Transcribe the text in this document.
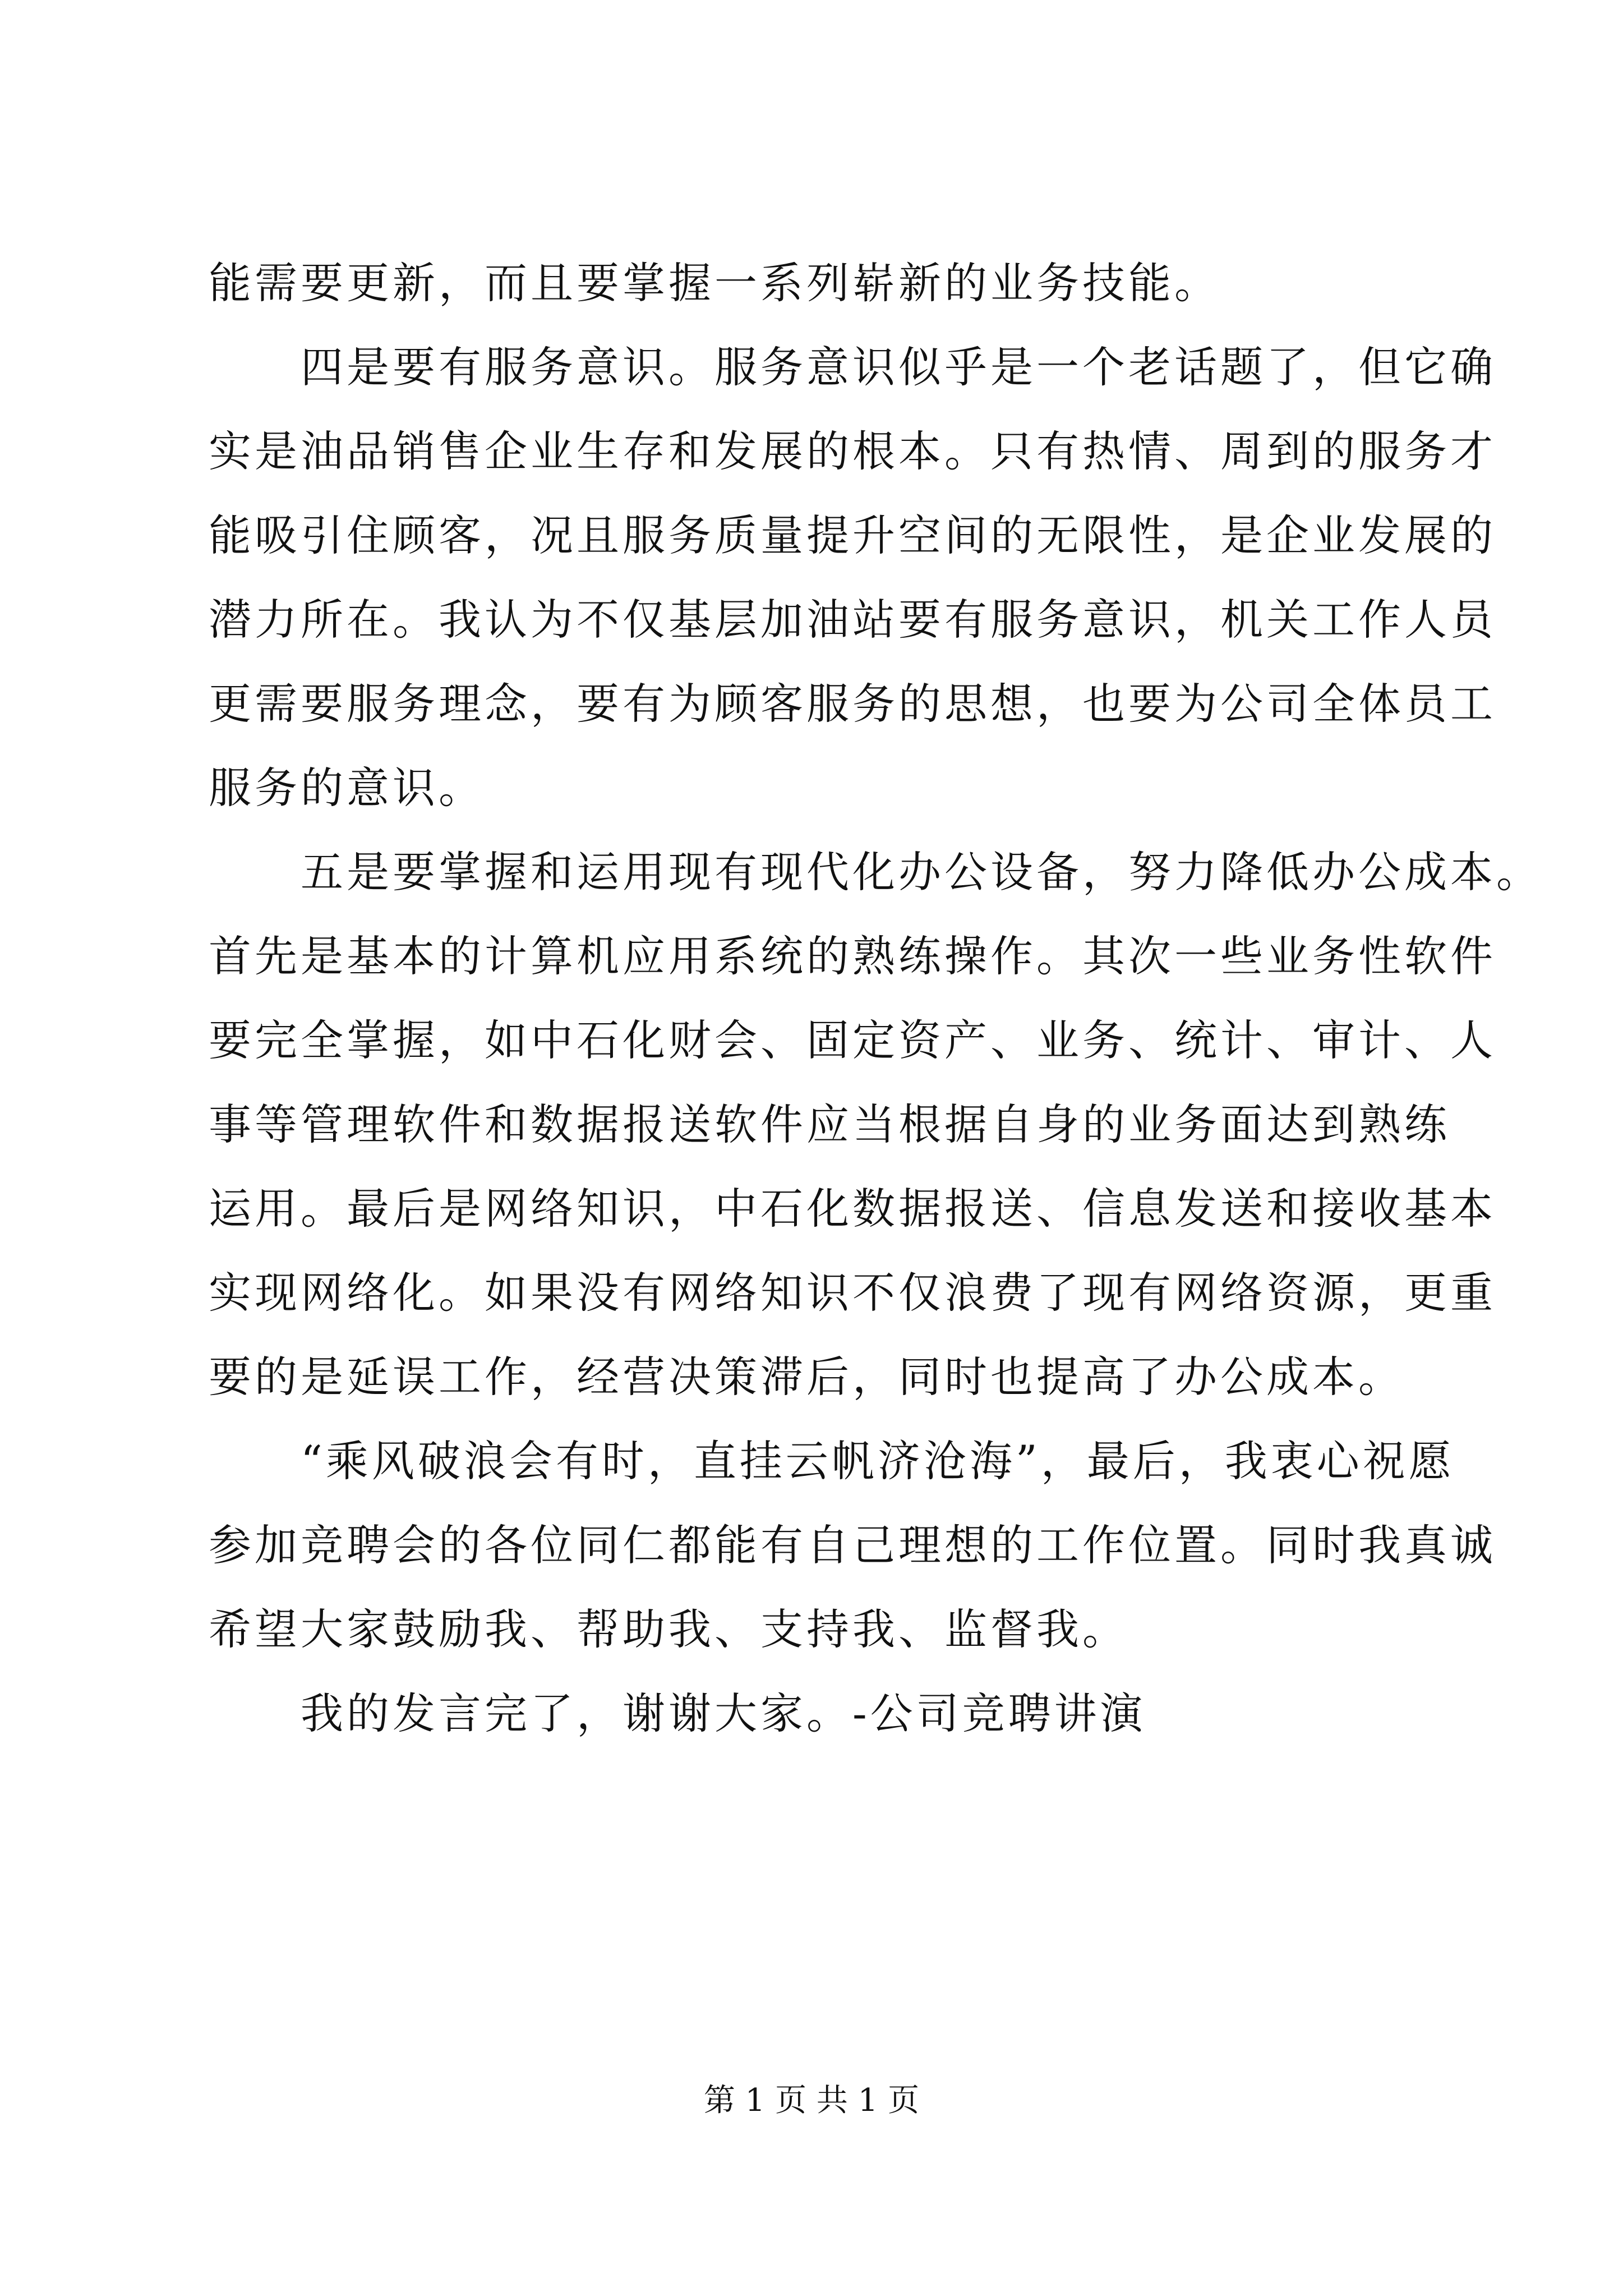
能需要更新，而且要掌握一系列崭新的业务技能。
　　四是要有服务意识。服务意识似乎是一个老话题了，但它确
实是油品销售企业生存和发展的根本。只有热情、周到的服务才
能吸引住顾客，况且服务质量提升空间的无限性，是企业发展的
潜力所在。我认为不仅基层加油站要有服务意识，机关工作人员
更需要服务理念，要有为顾客服务的思想，也要为公司全体员工
服务的意识。
　　五是要掌握和运用现有现代化办公设备，努力降低办公成本。
首先是基本的计算机应用系统的熟练操作。其次一些业务性软件
要完全掌握，如中石化财会、固定资产、业务、统计、审计、人
事等管理软件和数据报送软件应当根据自身的业务面达到熟练
运用。最后是网络知识，中石化数据报送、信息发送和接收基本
实现网络化。如果没有网络知识不仅浪费了现有网络资源，更重
要的是延误工作，经营决策滞后，同时也提高了办公成本。
　　“乘风破浪会有时，直挂云帆济沧海”，最后，我衷心祝愿
参加竞聘会的各位同仁都能有自己理想的工作位置。同时我真诚
希望大家鼓励我、帮助我、支持我、监督我。
　　我的发言完了，谢谢大家。-公司竞聘讲演
第 1 页 共 1 页
